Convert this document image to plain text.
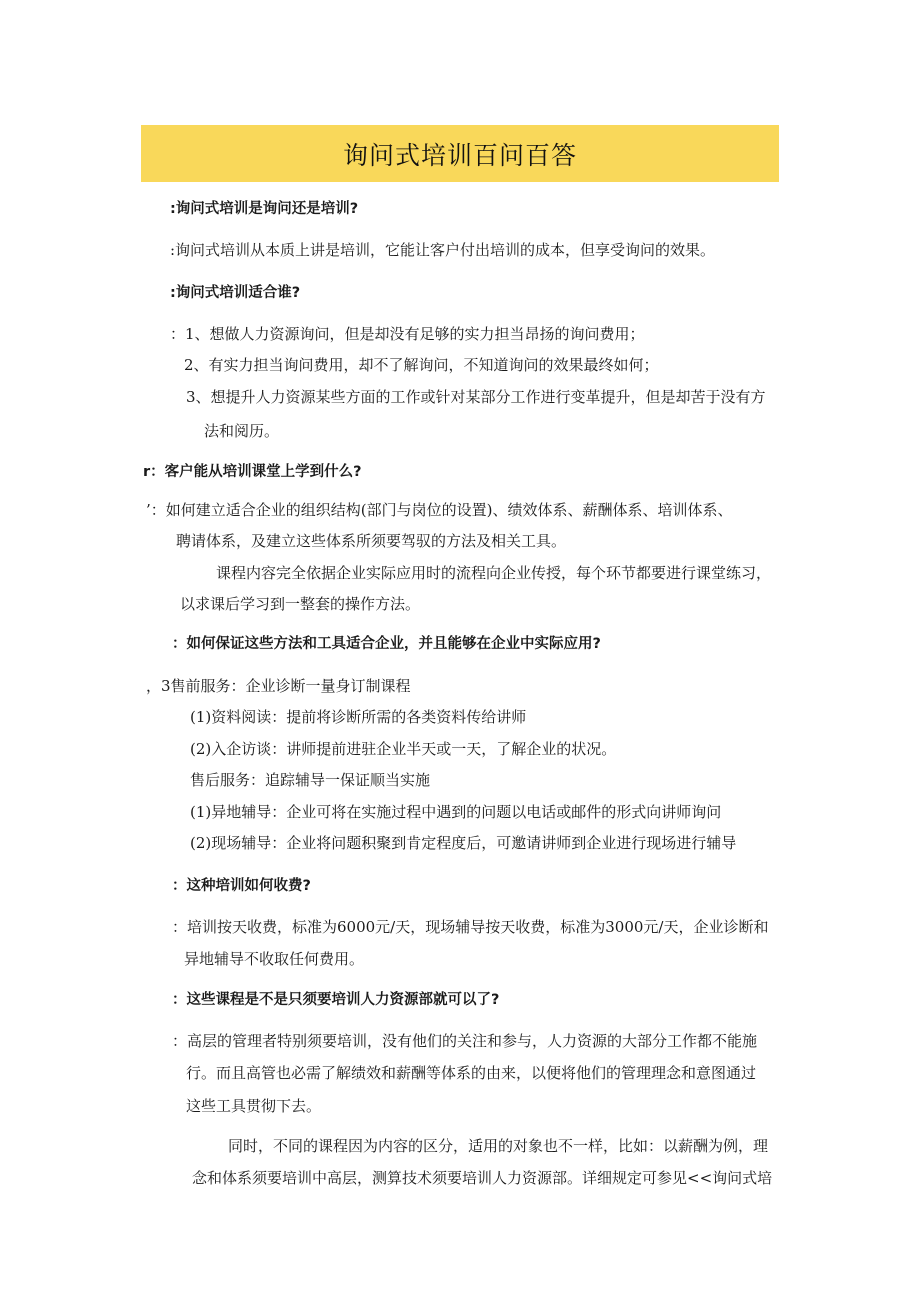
询问式培训百问百答
:询问式培训是询问还是培训?
:询问式培训从本质上讲是培训，它能让客户付出培训的成本，但享受询问的效果。
:询问式培训适合谁?
：1、想做人力资源询问，但是却没有足够的实力担当昂扬的询问费用；
2、有实力担当询问费用，却不了解询问，不知道询问的效果最终如何；
3、想提升人力资源某些方面的工作或针对某部分工作进行变革提升，但是却苦于没有方
法和阅历。
r：客户能从培训课堂上学到什么?
’：如何建立适合企业的组织结构(部门与岗位的设置)、绩效体系、薪酬体系、培训体系、
聘请体系，及建立这些体系所须要驾驭的方法及相关工具。
课程内容完全依据企业实际应用时的流程向企业传授，每个环节都要进行课堂练习，
以求课后学习到一整套的操作方法。
：如何保证这些方法和工具适合企业，并且能够在企业中实际应用?
，3售前服务：企业诊断一量身订制课程
(1)资料阅读：提前将诊断所需的各类资料传给讲师
(2)入企访谈：讲师提前进驻企业半天或一天，了解企业的状况。
售后服务：追踪辅导一保证顺当实施
(1)异地辅导：企业可将在实施过程中遇到的问题以电话或邮件的形式向讲师询问
(2)现场辅导：企业将问题积聚到肯定程度后，可邀请讲师到企业进行现场进行辅导
：这种培训如何收费?
：培训按天收费，标准为6000元/天，现场辅导按天收费，标准为3000元/天，企业诊断和
异地辅导不收取任何费用。
：这些课程是不是只须要培训人力资源部就可以了?
：高层的管理者特别须要培训，没有他们的关注和参与，人力资源的大部分工作都不能施
行。而且高管也必需了解绩效和薪酬等体系的由来，以便将他们的管理理念和意图通过
这些工具贯彻下去。
同时，不同的课程因为内容的区分，适用的对象也不一样，比如：以薪酬为例，理
念和体系须要培训中高层，测算技术须要培训人力资源部。详细规定可参见<<询问式培
